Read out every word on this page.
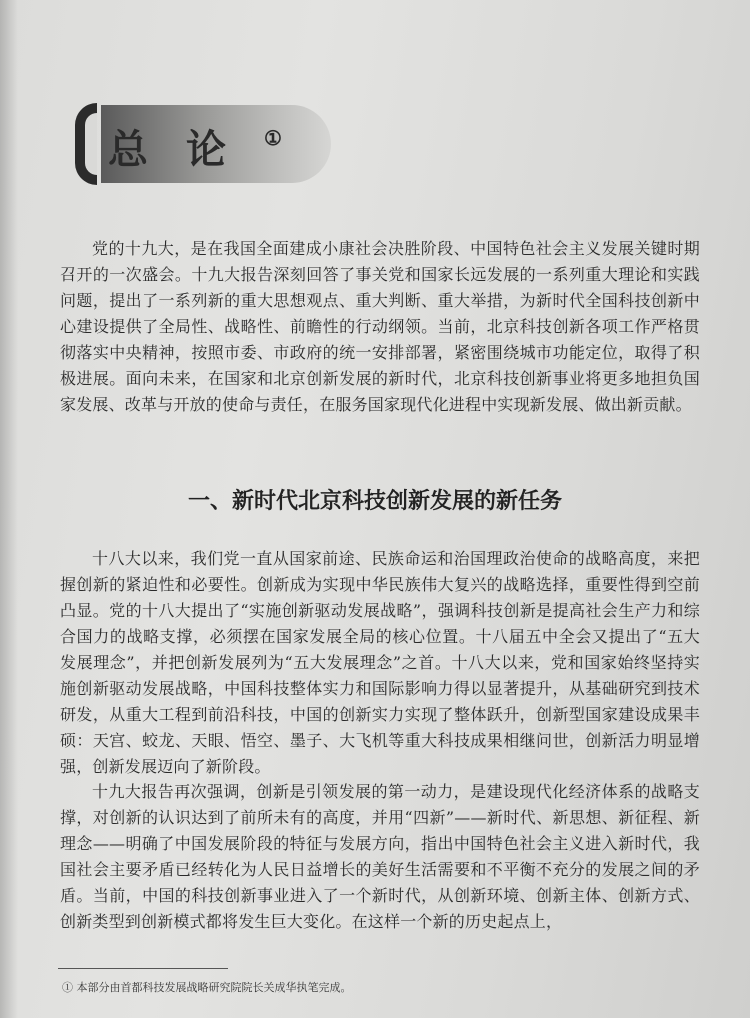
总论①

党的十九大，是在我国全面建成小康社会决胜阶段、中国特色社会主义发展关键时期召开的一次盛会。十九大报告深刻回答了事关党和国家长远发展的一系列重大理论和实践问题，提出了一系列新的重大思想观点、重大判断、重大举措，为新时代全国科技创新中心建设提供了全局性、战略性、前瞻性的行动纲领。当前，北京科技创新各项工作严格贯彻落实中央精神，按照市委、市政府的统一安排部署，紧密围绕城市功能定位，取得了积极进展。面向未来，在国家和北京创新发展的新时代，北京科技创新事业将更多地担负国家发展、改革与开放的使命与责任，在服务国家现代化进程中实现新发展、做出新贡献。

一、新时代北京科技创新发展的新任务

十八大以来，我们党一直从国家前途、民族命运和治国理政治使命的战略高度，来把握创新的紧迫性和必要性。创新成为实现中华民族伟大复兴的战略选择，重要性得到空前凸显。党的十八大提出了“实施创新驱动发展战略”，强调科技创新是提高社会生产力和综合国力的战略支撑，必须摆在国家发展全局的核心位置。十八届五中全会又提出了“五大发展理念”，并把创新发展列为“五大发展理念”之首。十八大以来，党和国家始终坚持实施创新驱动发展战略，中国科技整体实力和国际影响力得以显著提升，从基础研究到技术研发，从重大工程到前沿科技，中国的创新实力实现了整体跃升，创新型国家建设成果丰硕：天宫、蛟龙、天眼、悟空、墨子、大飞机等重大科技成果相继问世，创新活力明显增强，创新发展迈向了新阶段。

十九大报告再次强调，创新是引领发展的第一动力，是建设现代化经济体系的战略支撑，对创新的认识达到了前所未有的高度，并用“四新”——新时代、新思想、新征程、新理念——明确了中国发展阶段的特征与发展方向，指出中国特色社会主义进入新时代，我国社会主要矛盾已经转化为人民日益增长的美好生活需要和不平衡不充分的发展之间的矛盾。当前，中国的科技创新事业进入了一个新时代，从创新环境、创新主体、创新方式、创新类型到创新模式都将发生巨大变化。在这样一个新的历史起点上，

① 本部分由首都科技发展战略研究院院长关成华执笔完成。
